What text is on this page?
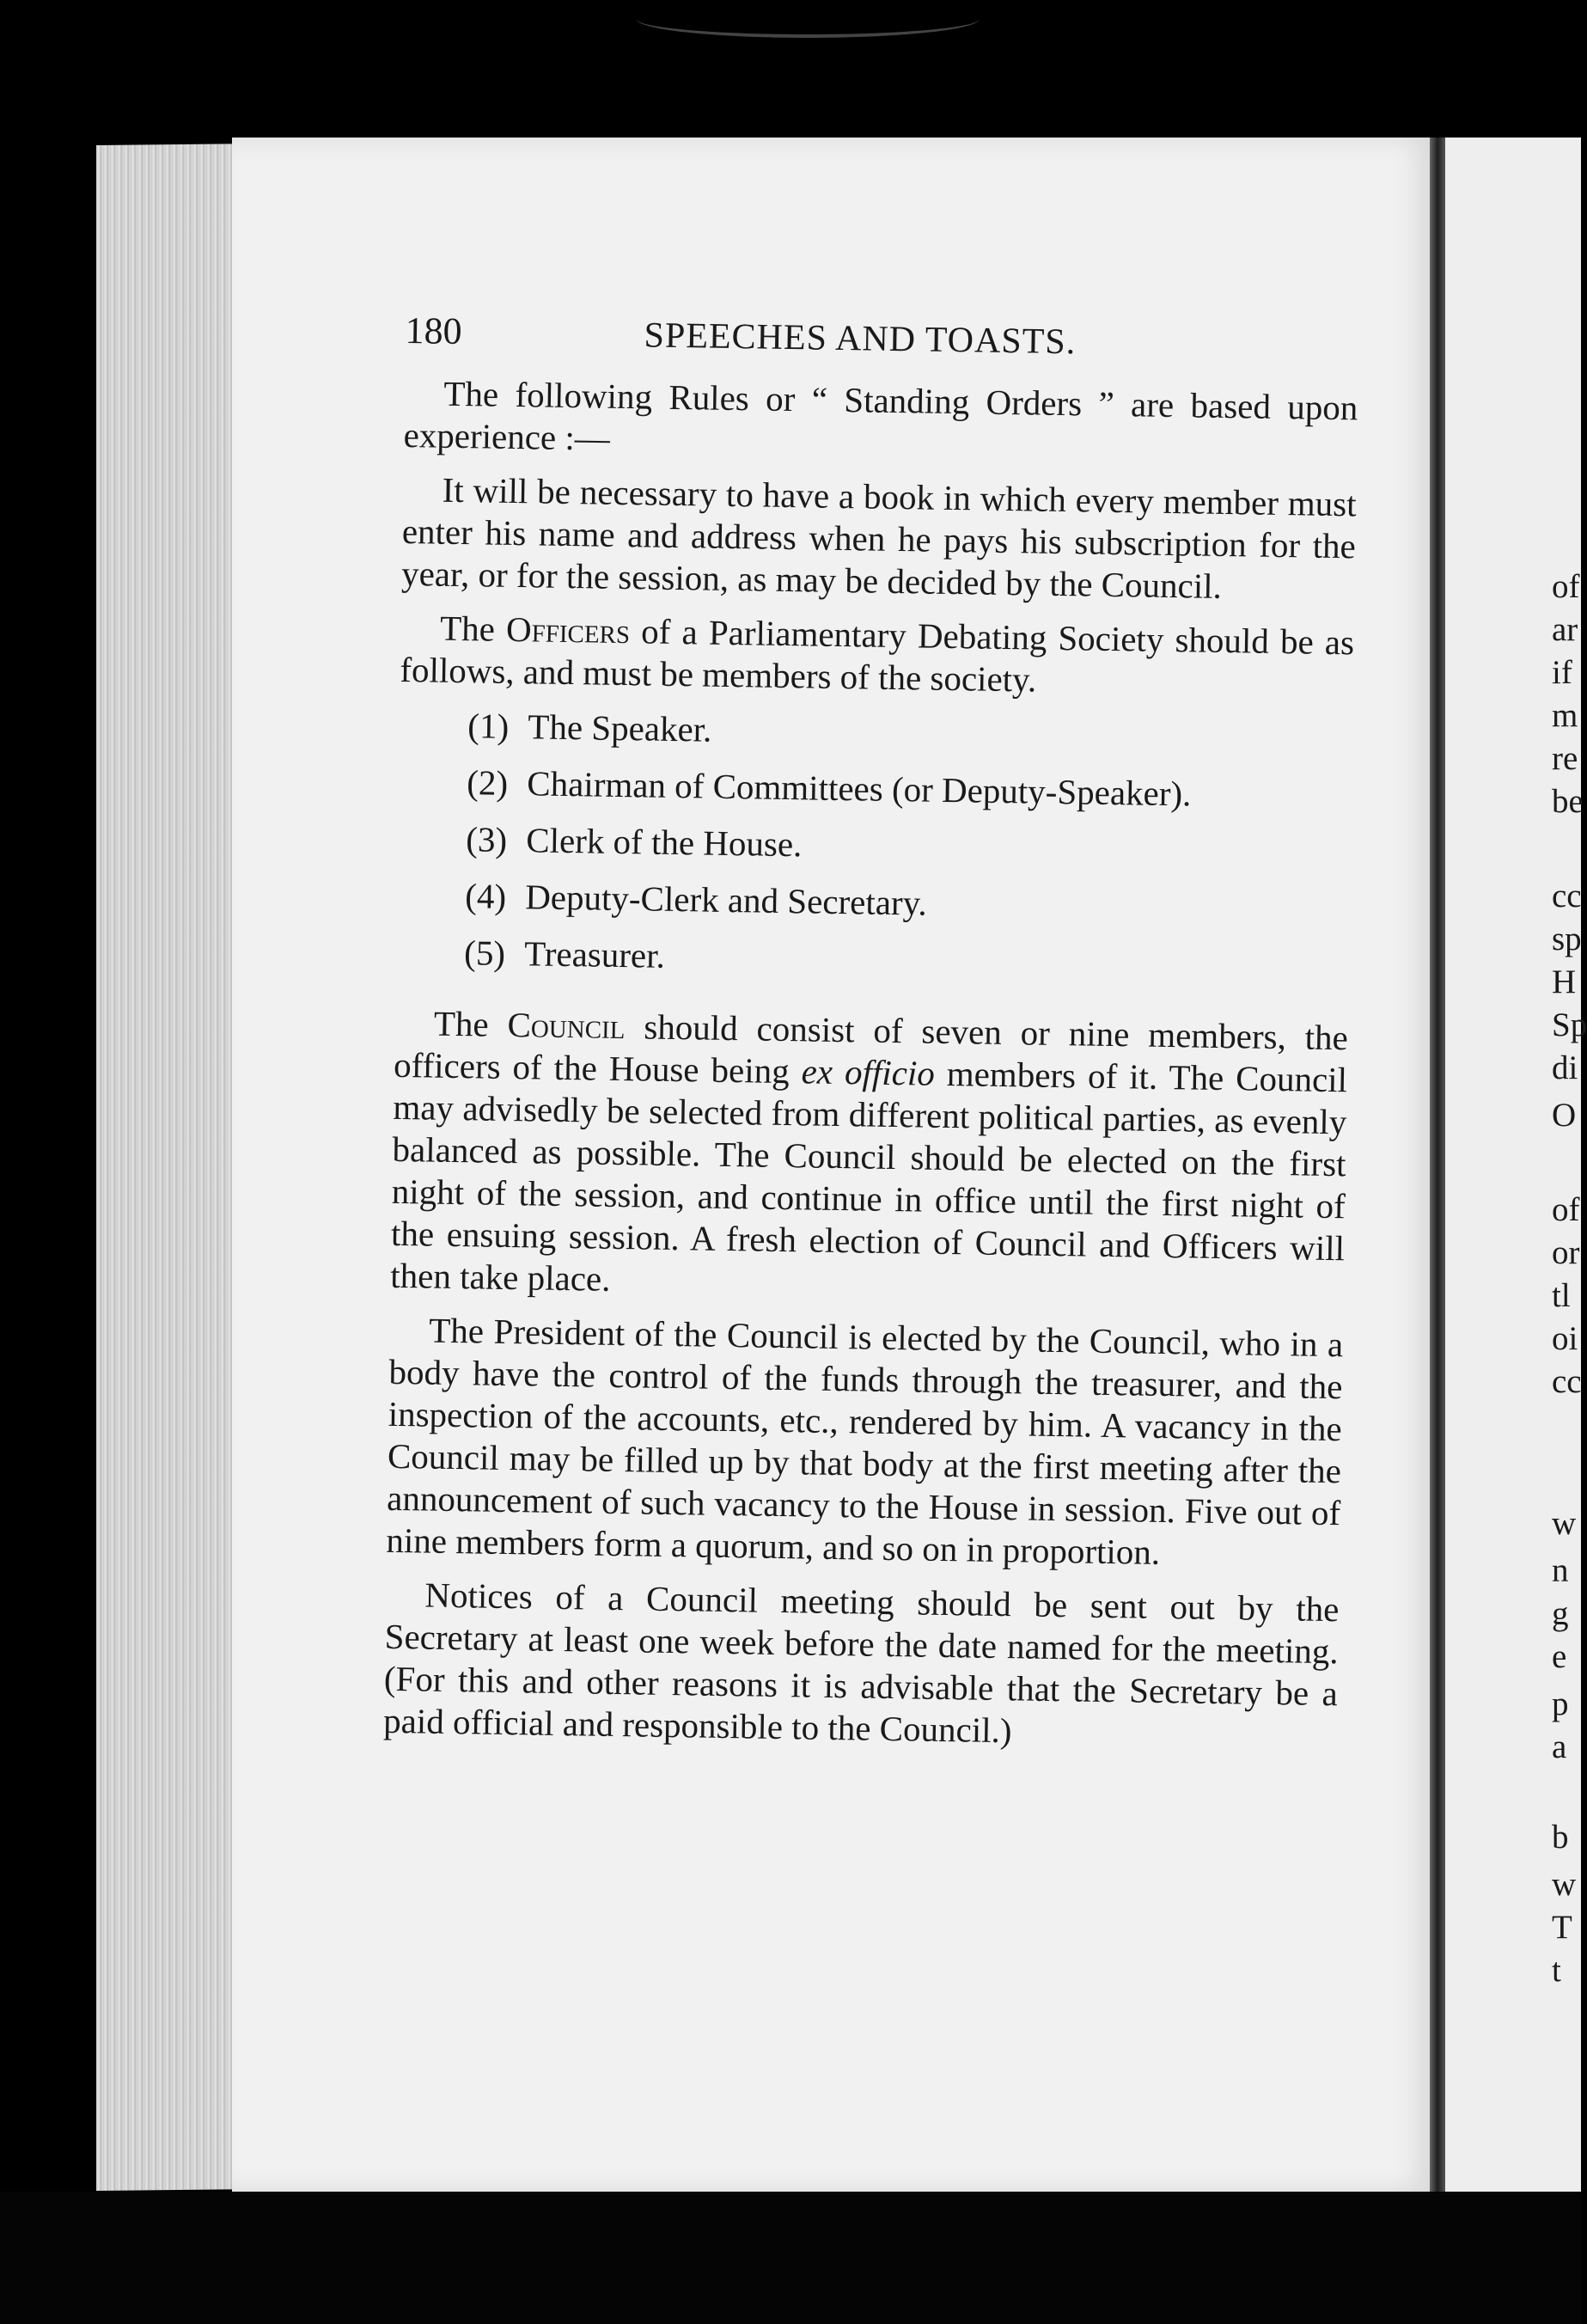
of
ar
if
m
re
be
cc
sp
H
Sp
di
O
of
or
tl
oi
cc
w
n
g
e
p
a
b
w
T
t
180	SPEECHES AND TOASTS.

The following Rules or “ Standing Orders ” are based upon experience :—

It will be necessary to have a book in which every member must enter his name and address when he pays his subscription for the year, or for the session, as may be decided by the Council.

The Officers of a Parliamentary Debating Society should be as follows, and must be members of the society.

(1) The Speaker.
(2) Chairman of Committees (or Deputy-Speaker).
(3) Clerk of the House.
(4) Deputy-Clerk and Secretary.
(5) Treasurer.

The Council should consist of seven or nine members, the officers of the House being ex officio members of it. The Council may advisedly be selected from different political parties, as evenly balanced as possible. The Council should be elected on the first night of the session, and continue in office until the first night of the ensuing session. A fresh election of Council and Officers will then take place.

The President of the Council is elected by the Council, who in a body have the control of the funds through the treasurer, and the inspection of the accounts, etc., rendered by him. A vacancy in the Council may be filled up by that body at the first meeting after the announcement of such vacancy to the House in session. Five out of nine members form a quorum, and so on in proportion.

Notices of a Council meeting should be sent out by the Secretary at least one week before the date named for the meeting. (For this and other reasons it is advisable that the Secretary be a paid official and responsible to the Council.)
